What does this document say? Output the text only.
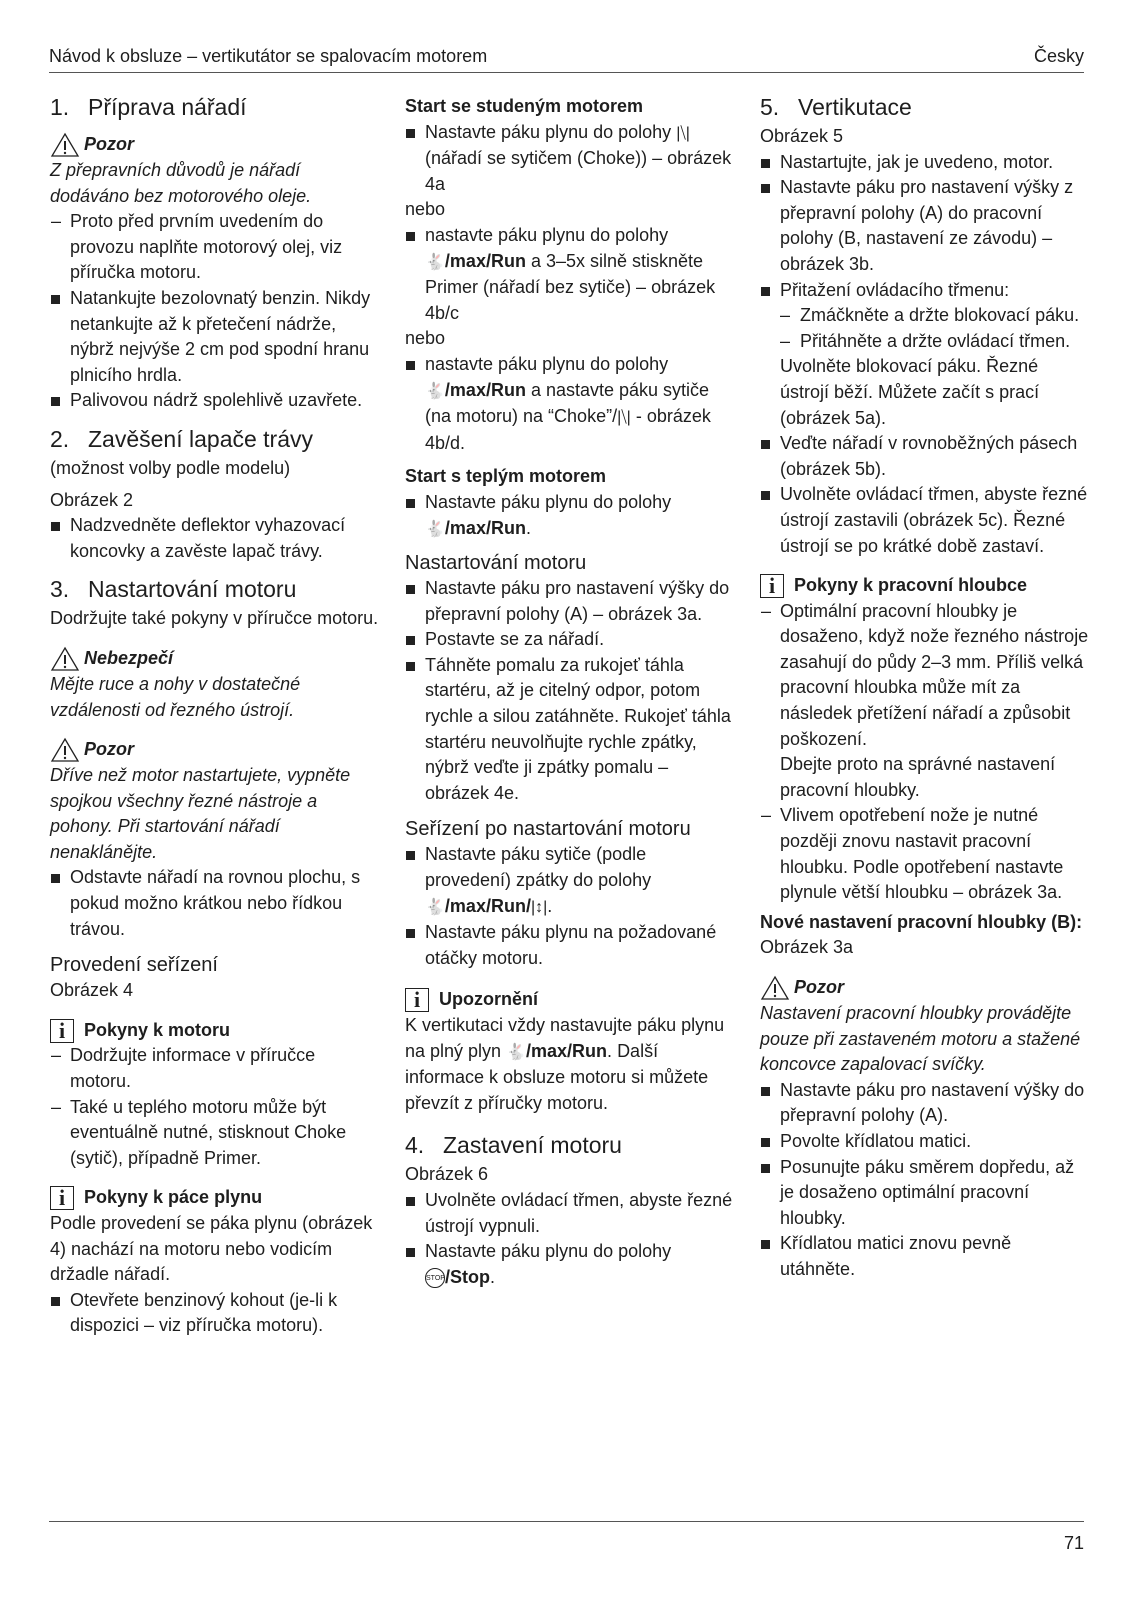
Návod k obsluze – vertikutátor se spalovacím motorem	Česky
1. Příprava nářadí
Pozor

Z přepravních důvodů je nářadí dodáváno bez motorového oleje.

– Proto před prvním uvedením do provozu naplňte motorový olej, viz příručka motoru.
Natankujte bezolovnatý benzin. Nikdy netankujte až k přetečení nádrže, nýbrž nejvýše 2 cm pod spodní hranu plnicího hrdla.
Palivovou nádrž spolehlivě uzavřete.
2. Zavěšení lapače trávy

(možnost volby podle modelu)

Obrázek 2

Nadzvedněte deflektor vyhazovací koncovky a zavěste lapač trávy.
3. Nastartování motoru

Dodržujte také pokyny v příručce motoru.

Nebezpečí

Mějte ruce a nohy v dostatečné vzdálenosti od řezného ústrojí.

Pozor

Dříve než motor nastartujete, vypněte spojkou všechny řezné nástroje a pohony. Při startování nářadí nenaklánějte.

Odstavte nářadí na rovnou plochu, s pokud možno krátkou nebo řídkou trávou.
Provedení seřízení

Obrázek 4

i	Pokyny k motoru
– Dodržujte informace v příručce motoru.
– Také u teplého motoru může být eventuálně nutné, stisknout Choke (sytič), případně Primer.
i	Pokyny k páce plynu

Podle provedení se páka plynu (obrázek 4) nachází na motoru nebo vodicím držadle nářadí.

Otevřete benzinový kohout (je-li k dispozici – viz příručka motoru).

Start se studeným motorem

Nastavte páku plynu do polohy |⧹| (nářadí se sytičem (Choke)) – obrázek 4a

nebo

nastavte páku plynu do polohy 🐇/max/Run a 3–5x silně stiskněte Primer (nářadí bez sytiče) – obrázek 4b/c

nebo

nastavte páku plynu do polohy 🐇/max/Run a nastavte páku sytiče (na motoru) na “Choke”/|⧹| - obrázek 4b/d.

Start s teplým motorem

Nastavte páku plynu do polohy 🐇/max/Run.
Nastartování motoru
Nastavte páku pro nastavení výšky do přepravní polohy (A) – obrázek 3a.
Postavte se za nářadí.
Táhněte pomalu za rukojeť táhla startéru, až je citelný odpor, potom rychle a silou zatáhněte. Rukojeť táhla startéru neuvolňujte rychle zpátky, nýbrž veďte ji zpátky pomalu – obrázek 4e.
Seřízení po nastartování motoru
Nastavte páku sytiče (podle provedení) zpátky do polohy 🐇/max/Run/|↕|.
Nastavte páku plynu na požadované otáčky motoru.
i	Upozornění

K vertikutaci vždy nastavujte páku plynu na plný plyn 🐇/max/Run. Další informace k obsluze motoru si můžete převzít z příručky motoru.

4. Zastavení motoru

Obrázek 6

Uvolněte ovládací třmen, abyste řezné ústrojí vypnuli.
Nastavte páku plynu do polohy
STOP/Stop.
5. Vertikutace

Obrázek 5

Nastartujte, jak je uvedeno, motor.
Nastavte páku pro nastavení výšky z přepravní polohy (A) do pracovní polohy (B, nastavení ze závodu) – obrázek 3b.
Přitažení ovládacího třmenu:
– Zmáčkněte a držte blokovací páku.
– Přitáhněte a držte ovládací třmen.

Uvolněte blokovací páku. Řezné ústrojí běží. Můžete začít s prací (obrázek 5a).

Veďte nářadí v rovnoběžných pásech (obrázek 5b).
Uvolněte ovládací třmen, abyste řezné ústrojí zastavili (obrázek 5c). Řezné ústrojí se po krátké době zastaví.
i	Pokyny k pracovní hloubce
– Optimální pracovní hloubky je dosaženo, když nože řezného nástroje zasahují do půdy 2–3 mm. Příliš velká pracovní hloubka může mít za následek přetížení nářadí a způsobit poškození.

Dbejte proto na správné nastavení pracovní hloubky.

– Vlivem opotřebení nože je nutné později znovu nastavit pracovní hloubku. Podle opotřebení nastavte plynule větší hloubku – obrázek 3a.

Nové nastavení pracovní hloubky (B):

Obrázek 3a

Pozor

Nastavení pracovní hloubky provádějte pouze při zastaveném motoru a stažené koncovce zapalovací svíčky.

Nastavte páku pro nastavení výšky do přepravní polohy (A).
Povolte křídlatou matici.
Posunujte páku směrem dopředu, až je dosaženo optimální pracovní hloubky.
Křídlatou matici znovu pevně utáhněte.
71
